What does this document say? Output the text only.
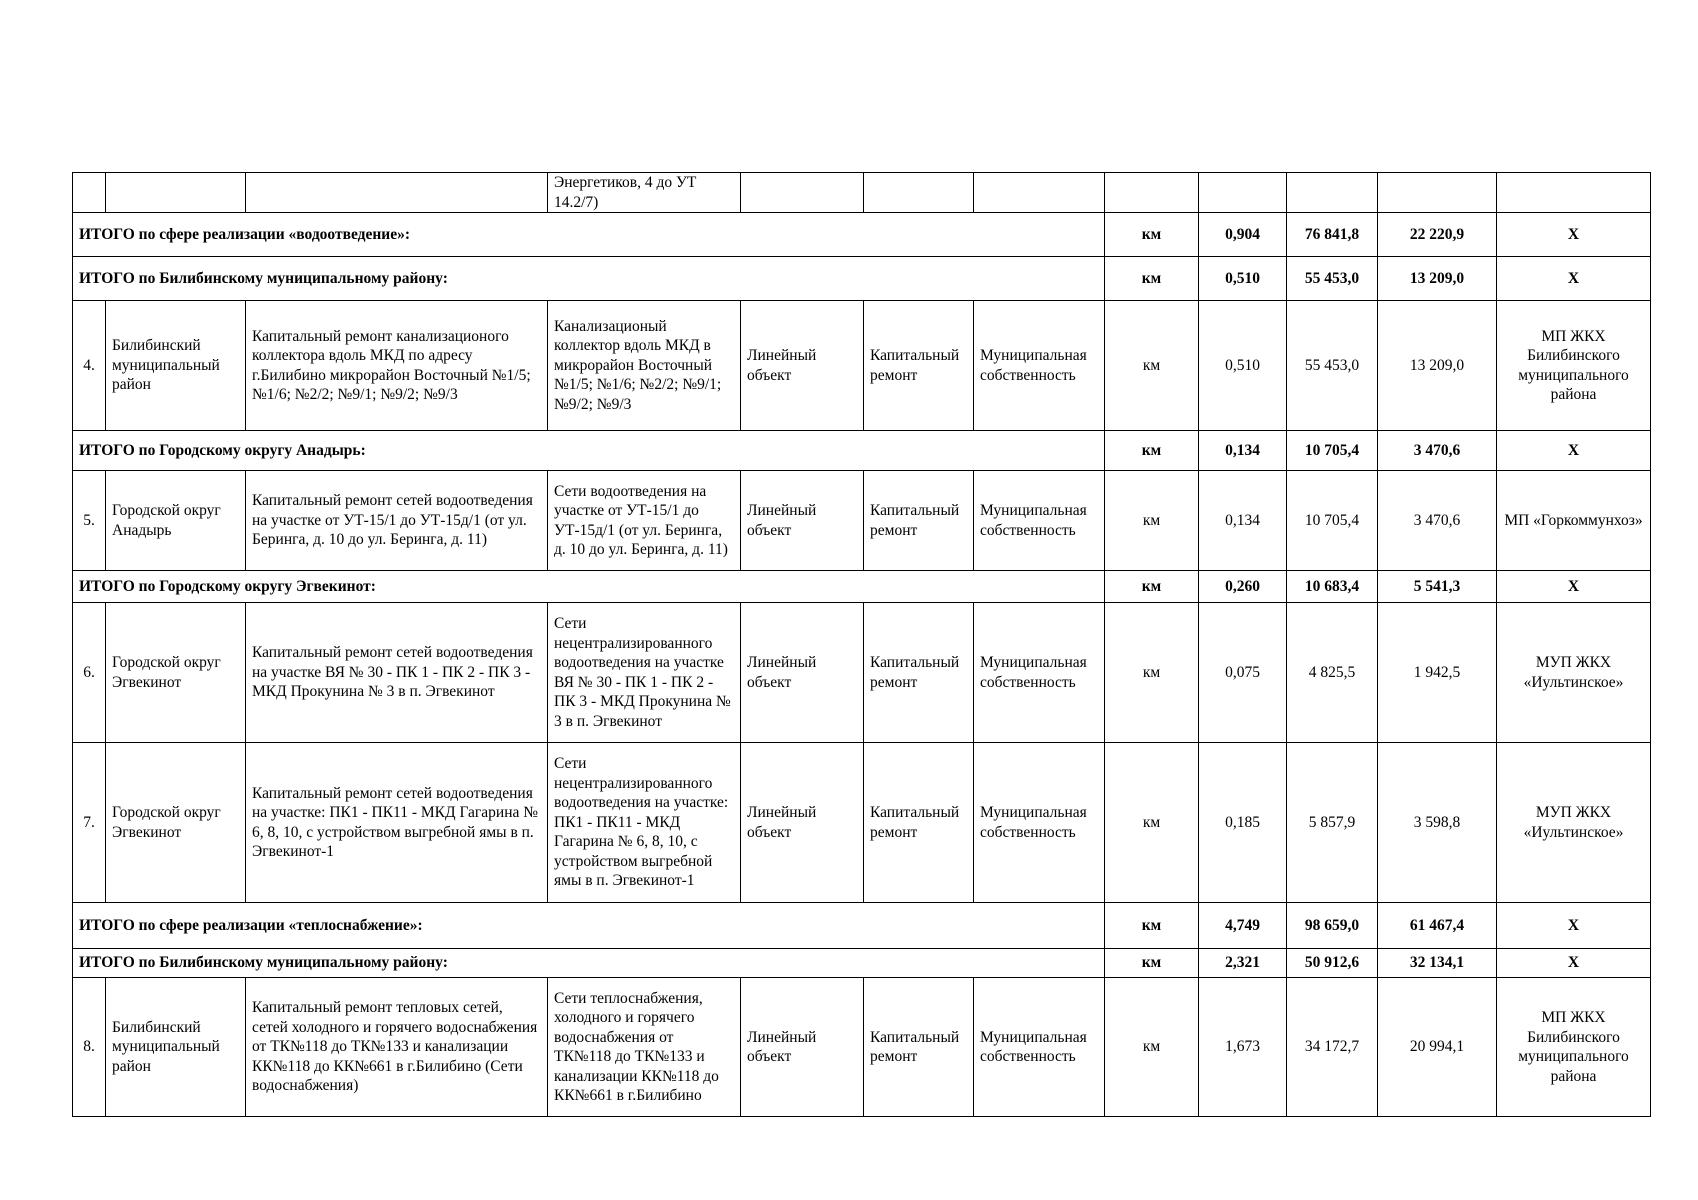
			Энергетиков, 4 до УТ 14.2/7)								
ИТОГО по сфере реализации «водоотведение»:							км	0,904	76 841,8	22 220,9	Х
ИТОГО по Билибинскому муниципальному району:							км	0,510	55 453,0	13 209,0	Х
4.	Билибинский муниципальный район	Капитальный ремонт канализационого коллектора вдоль МКД по адресу г.Билибино микрорайон Восточный №1/5; №1/6; №2/2; №9/1; №9/2; №9/3	Канализационый коллектор вдоль МКД в микрорайон Восточный №1/5; №1/6; №2/2; №9/1; №9/2; №9/3	Линейный объект	Капитальный ремонт	Муниципальная собственность	км	0,510	55 453,0	13 209,0	МП ЖКХ Билибинского муниципального района
ИТОГО по Городскому округу Анадырь:							км	0,134	10 705,4	3 470,6	Х
5.	Городской округ Анадырь	Капитальный ремонт сетей водоотведения на участке от УТ-15/1 до УТ-15д/1 (от ул. Беринга, д. 10 до ул. Беринга, д. 11)	Сети водоотведения на участке от УТ-15/1 до УТ-15д/1 (от ул. Беринга, д. 10 до ул. Беринга, д. 11)	Линейный объект	Капитальный ремонт	Муниципальная собственность	км	0,134	10 705,4	3 470,6	МП «Горкоммунхоз»
ИТОГО по Городскому округу Эгвекинот:							км	0,260	10 683,4	5 541,3	Х
6.	Городской округ Эгвекинот	Капитальный ремонт сетей водоотведения на участке ВЯ № 30 - ПК 1 - ПК 2 - ПК 3 - МКД Прокунина № 3 в п. Эгвекинот	Сети нецентрализированного водоотведения на участке ВЯ № 30 - ПК 1 - ПК 2 - ПК 3 - МКД Прокунина № 3 в п. Эгвекинот	Линейный объект	Капитальный ремонт	Муниципальная собственность	км	0,075	4 825,5	1 942,5	МУП ЖКХ «Иультинское»
7.	Городской округ Эгвекинот	Капитальный ремонт сетей водоотведения на участке: ПК1 - ПК11 - МКД Гагарина № 6, 8, 10, с устройством выгребной ямы в п. Эгвекинот-1	Сети нецентрализированного водоотведения на участке: ПК1 - ПК11 - МКД Гагарина № 6, 8, 10, с устройством выгребной ямы в п. Эгвекинот-1	Линейный объект	Капитальный ремонт	Муниципальная собственность	км	0,185	5 857,9	3 598,8	МУП ЖКХ «Иультинское»
ИТОГО по сфере реализации «теплоснабжение»:							км	4,749	98 659,0	61 467,4	Х
ИТОГО по Билибинскому муниципальному району:							км	2,321	50 912,6	32 134,1	Х
8.	Билибинский муниципальный район	Капитальный ремонт тепловых сетей, сетей холодного и горячего водоснабжения от ТК№118 до ТК№133 и канализации КК№118 до КК№661 в г.Билибино (Сети водоснабжения)	Сети теплоснабжения, холодного и горячего водоснабжения от ТК№118 до ТК№133 и канализации КК№118 до КК№661 в г.Билибино	Линейный объект	Капитальный ремонт	Муниципальная собственность	км	1,673	34 172,7	20 994,1	МП ЖКХ Билибинского муниципального района
